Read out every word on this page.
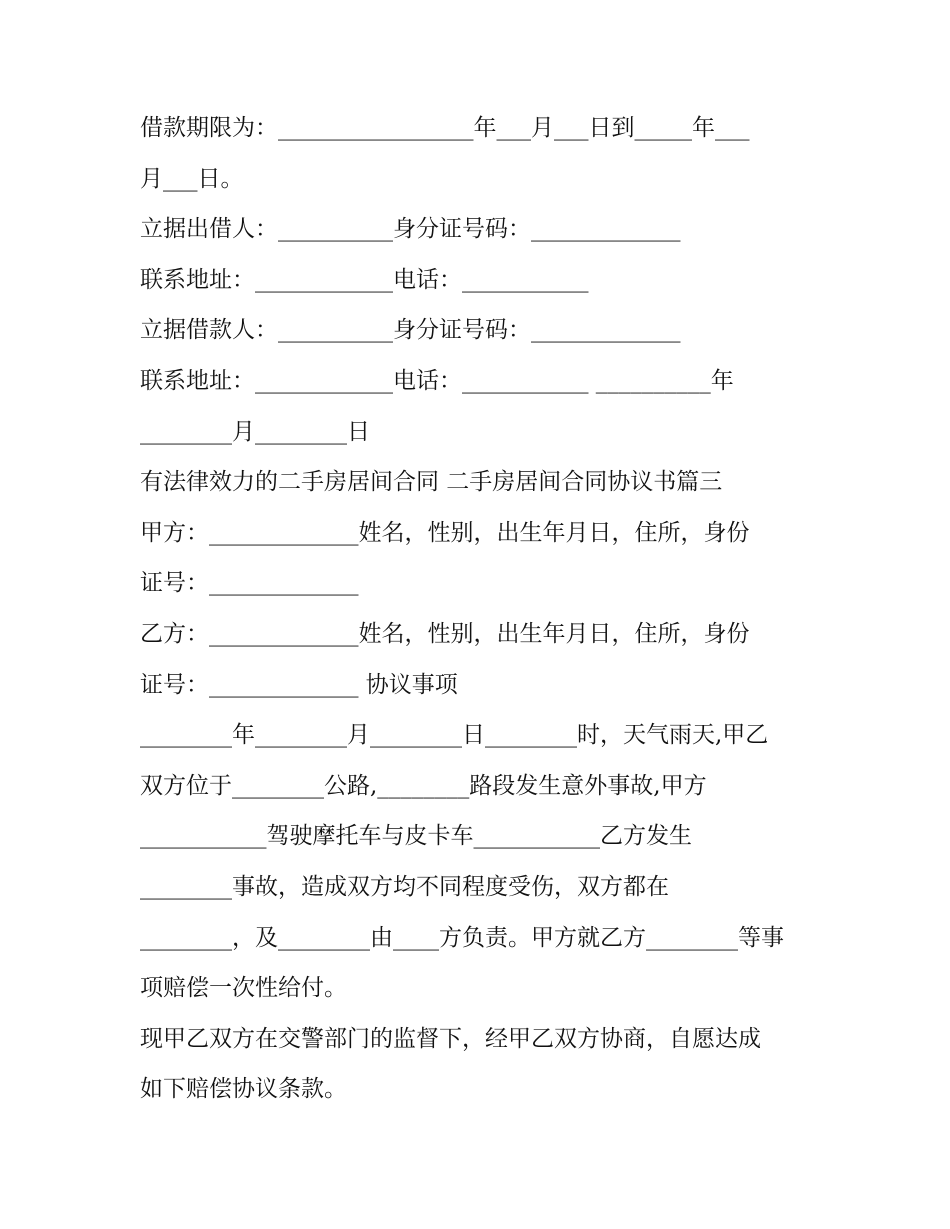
借款期限为：_________________年___月___日到_____年___
月___日。
立据出借人：__________身分证号码：_____________
联系地址：____________电话：___________
立据借款人：__________身分证号码：_____________
联系地址：____________电话：___________ __________年
________月________日
有法律效力的二手房居间合同 二手房居间合同协议书篇三
甲方：_____________姓名，性别，出生年月日，住所，身份
证号：_____________
乙方：_____________姓名，性别，出生年月日，住所，身份
证号：_____________ 协议事项
________年________月________日________时，天气雨天,甲乙
双方位于________公路,________路段发生意外事故,甲方
___________驾驶摩托车与皮卡车___________乙方发生
________事故，造成双方均不同程度受伤，双方都在
________，及________由____方负责。甲方就乙方________等事
项赔偿一次性给付。
现甲乙双方在交警部门的监督下，经甲乙双方协商，自愿达成
如下赔偿协议条款。
